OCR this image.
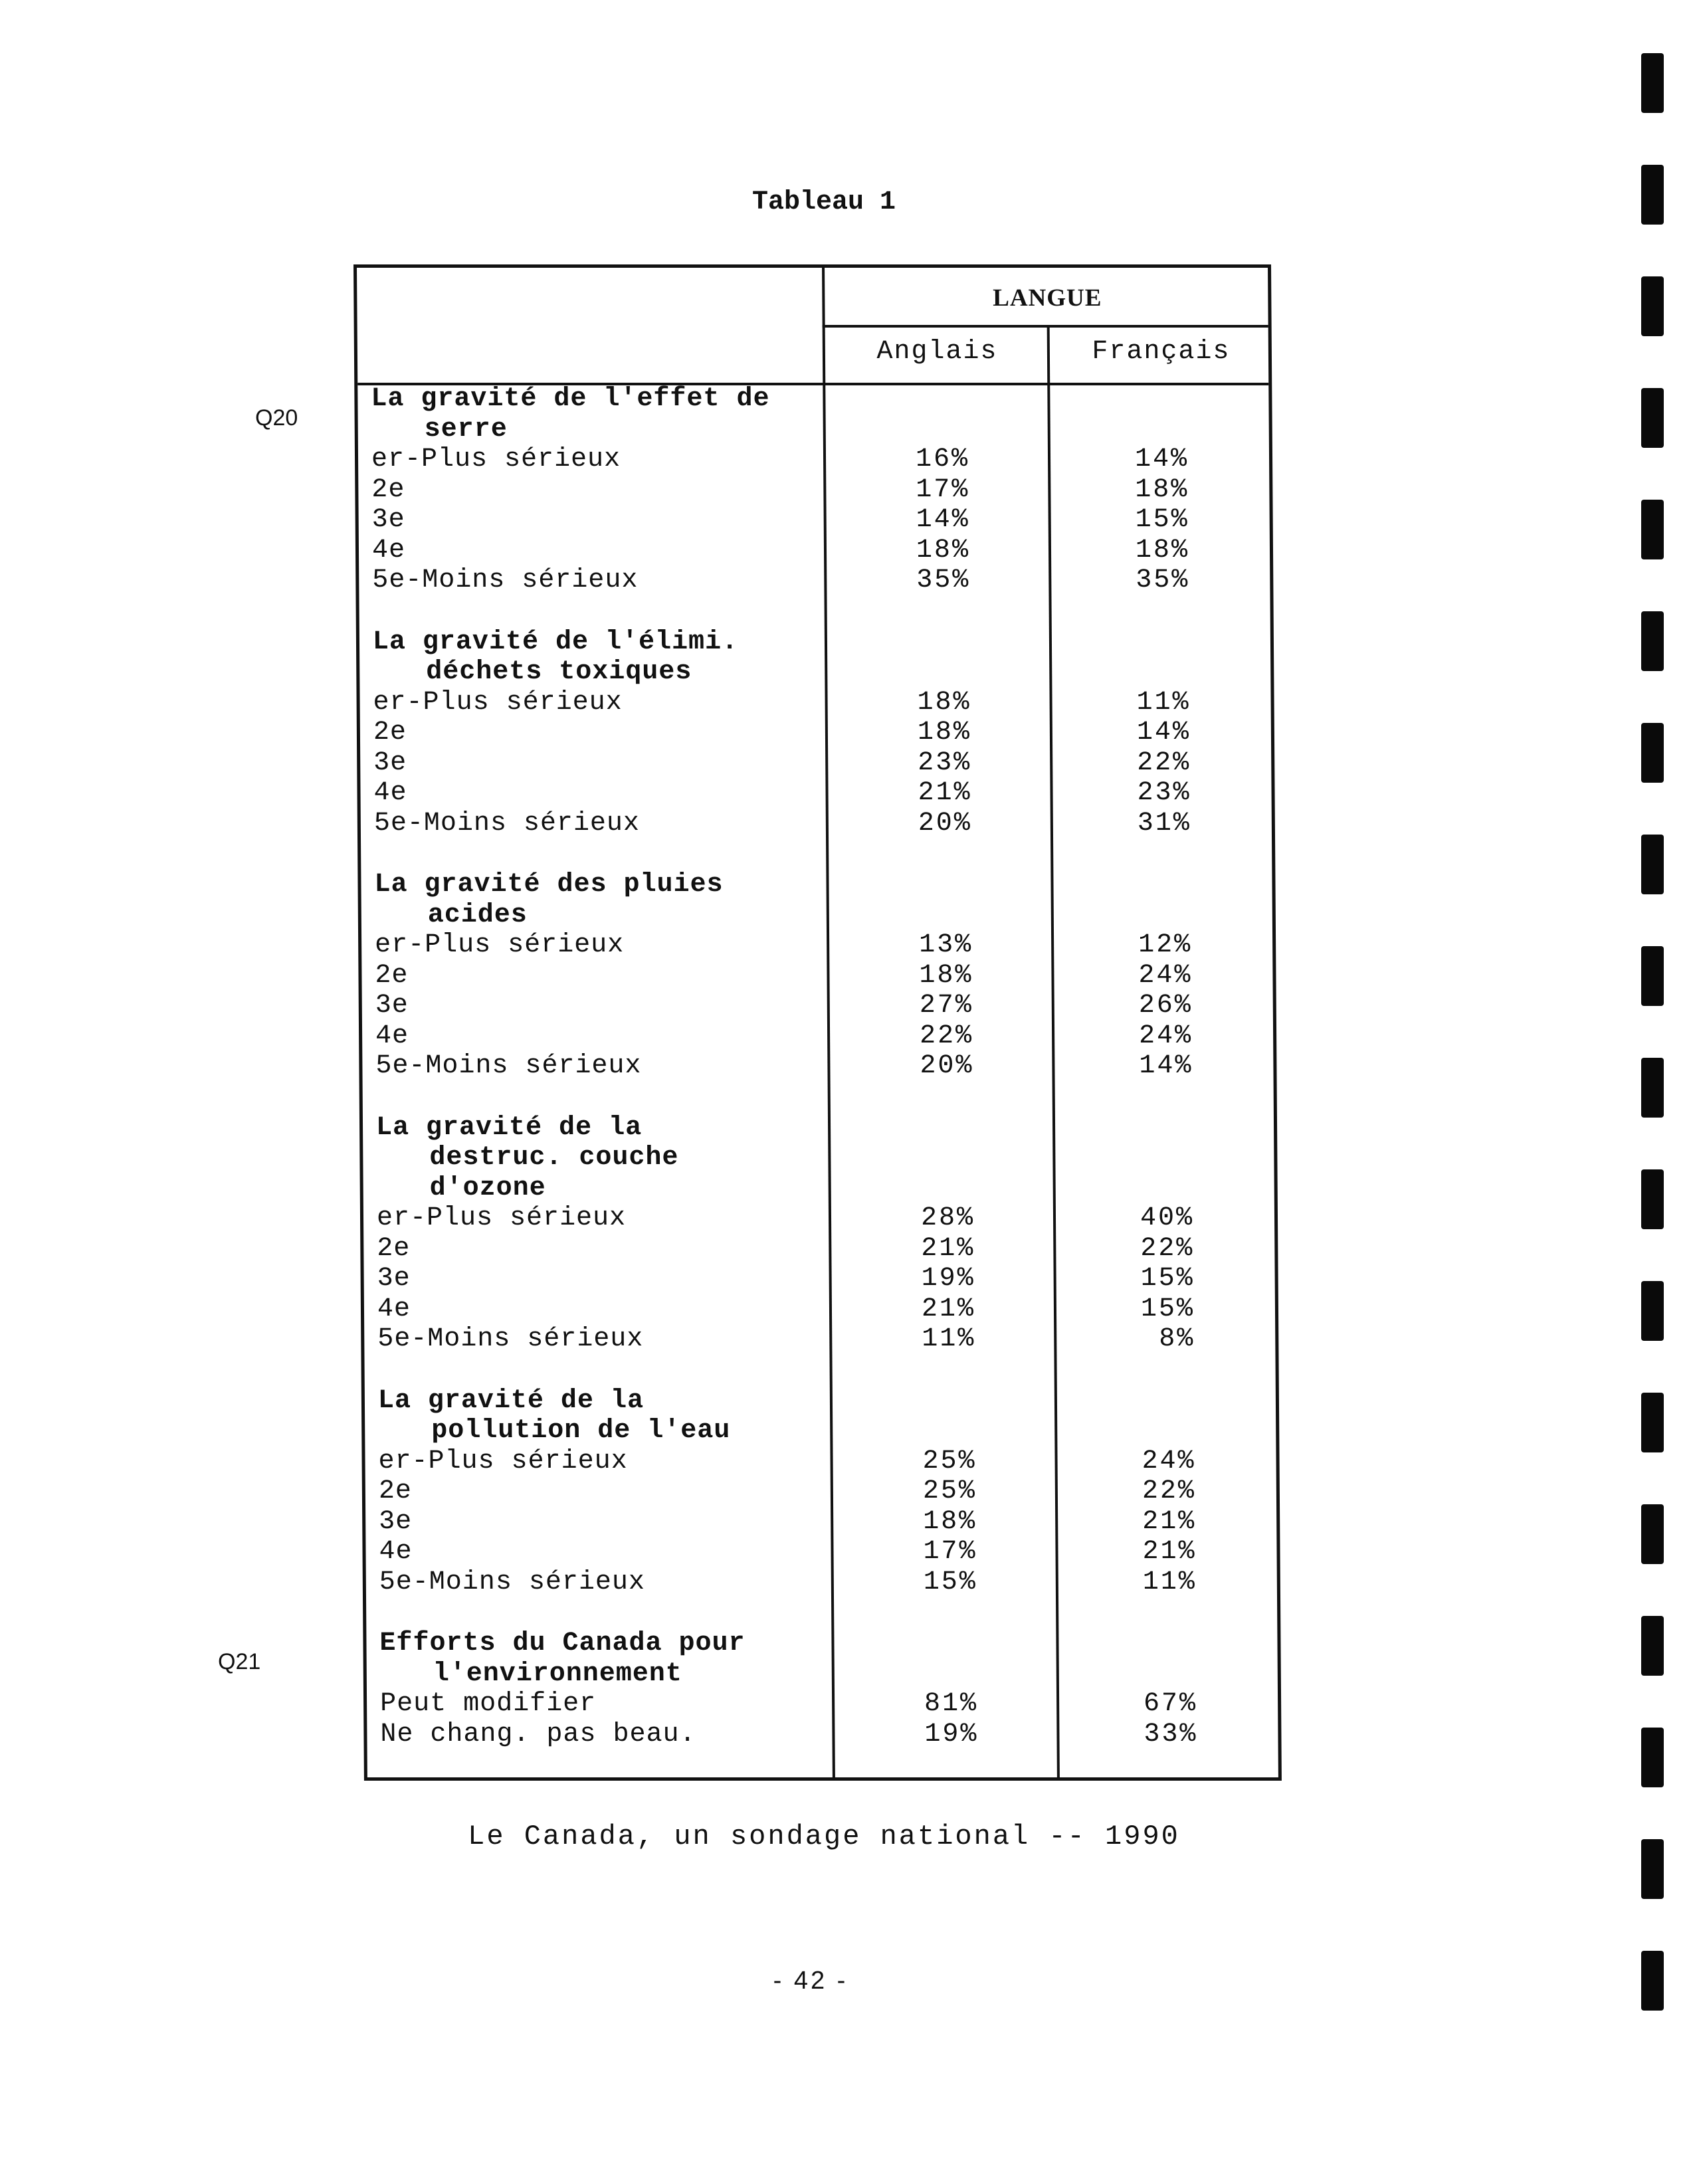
Tableau 1
Q20
Q21
LANGUE
Anglais	Français
La gravité de l'effet de
serre
er-Plus sérieux	16%	14%
2e	17%	18%
3e	14%	15%
4e	18%	18%
5e-Moins sérieux	35%	35%
La gravité de l'élimi.
déchets toxiques
er-Plus sérieux	18%	11%
2e	18%	14%
3e	23%	22%
4e	21%	23%
5e-Moins sérieux	20%	31%
La gravité des pluies
acides
er-Plus sérieux	13%	12%
2e	18%	24%
3e	27%	26%
4e	22%	24%
5e-Moins sérieux	20%	14%
La gravité de la
destruc. couche
d'ozone
er-Plus sérieux	28%	40%
2e	21%	22%
3e	19%	15%
4e	21%	15%
5e-Moins sérieux	11%	8%
La gravité de la
pollution de l'eau
er-Plus sérieux	25%	24%
2e	25%	22%
3e	18%	21%
4e	17%	21%
5e-Moins sérieux	15%	11%
Efforts du Canada pour
l'environnement
Peut modifier	81%	67%
Ne chang. pas beau.	19%	33%
Le Canada, un sondage national -- 1990
- 42 -
